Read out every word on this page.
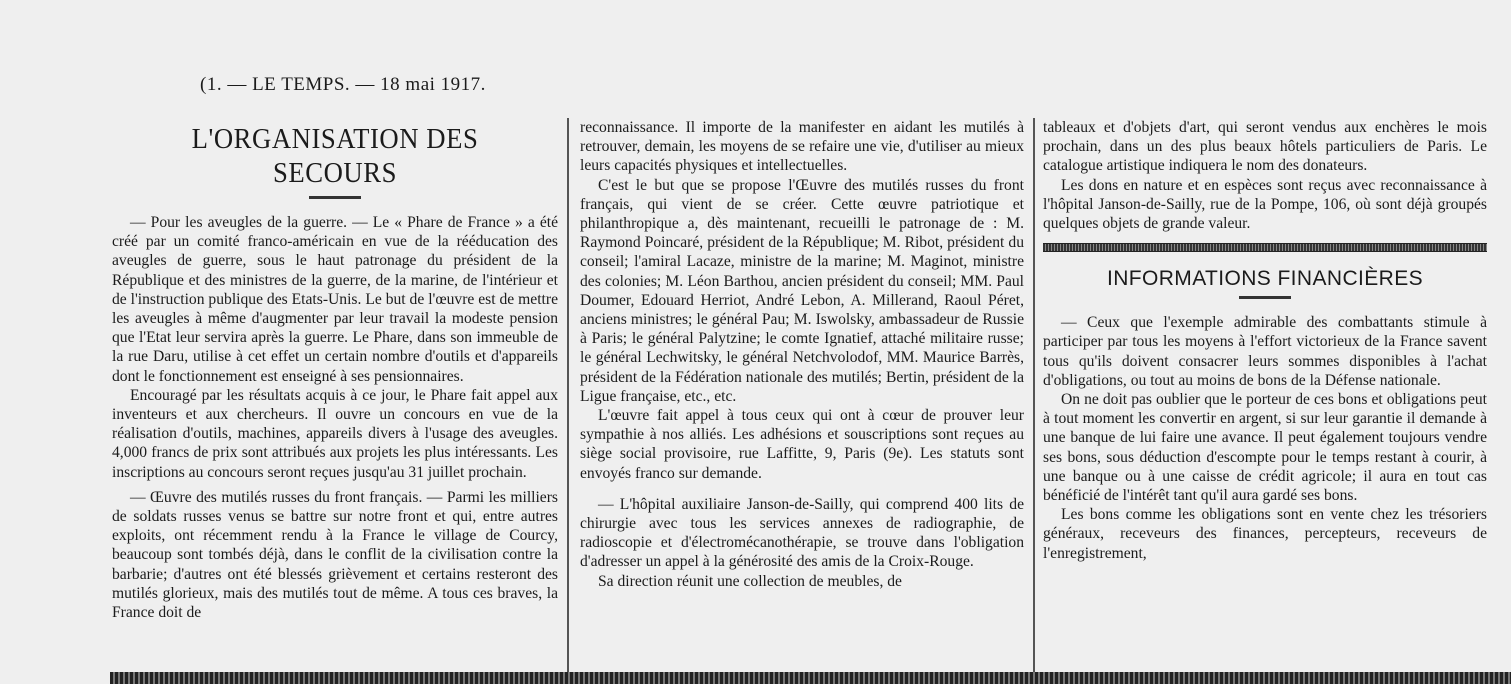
(1. — LE TEMPS. — 18 mai 1917.
L'ORGANISATION DES SECOURS

— Pour les aveugles de la guerre. — Le « Phare de France » a été créé par un comité franco-américain en vue de la rééducation des aveugles de guerre, sous le haut patronage du président de la République et des ministres de la guerre, de la marine, de l'intérieur et de l'instruction publique des Etats-Unis. Le but de l'œuvre est de mettre les aveugles à même d'augmenter par leur travail la modeste pension que l'Etat leur servira après la guerre. Le Phare, dans son immeuble de la rue Daru, utilise à cet effet un certain nombre d'outils et d'appareils dont le fonctionnement est enseigné à ses pensionnaires.

Encouragé par les résultats acquis à ce jour, le Phare fait appel aux inventeurs et aux chercheurs. Il ouvre un concours en vue de la réalisation d'outils, machines, appareils divers à l'usage des aveugles. 4,000 francs de prix sont attribués aux projets les plus intéressants. Les inscriptions au concours seront reçues jusqu'au 31 juillet prochain.

— Œuvre des mutilés russes du front français. — Parmi les milliers de soldats russes venus se battre sur notre front et qui, entre autres exploits, ont récemment rendu à la France le village de Courcy, beaucoup sont tombés déjà, dans le conflit de la civilisation contre la barbarie; d'autres ont été blessés grièvement et certains resteront des mutilés glorieux, mais des mutilés tout de même. A tous ces braves, la France doit de

reconnaissance. Il importe de la manifester en aidant les mutilés à retrouver, demain, les moyens de se refaire une vie, d'utiliser au mieux leurs capacités physiques et intellectuelles.

C'est le but que se propose l'Œuvre des mutilés russes du front français, qui vient de se créer. Cette œuvre patriotique et philanthropique a, dès maintenant, recueilli le patronage de : M. Raymond Poincaré, président de la République; M. Ribot, président du conseil; l'amiral Lacaze, ministre de la marine; M. Maginot, ministre des colonies; M. Léon Barthou, ancien président du conseil; MM. Paul Doumer, Edouard Herriot, André Lebon, A. Millerand, Raoul Péret, anciens ministres; le général Pau; M. Iswolsky, ambassadeur de Russie à Paris; le général Palytzine; le comte Ignatief, attaché militaire russe; le général Lechwitsky, le général Netchvolodof, MM. Maurice Barrès, président de la Fédération nationale des mutilés; Bertin, président de la Ligue française, etc., etc.

L'œuvre fait appel à tous ceux qui ont à cœur de prouver leur sympathie à nos alliés. Les adhésions et souscriptions sont reçues au siège social provisoire, rue Laffitte, 9, Paris (9e). Les statuts sont envoyés franco sur demande.

— L'hôpital auxiliaire Janson-de-Sailly, qui comprend 400 lits de chirurgie avec tous les services annexes de radiographie, de radioscopie et d'électromécanothérapie, se trouve dans l'obligation d'adresser un appel à la générosité des amis de la Croix-Rouge.

Sa direction réunit une collection de meubles, de

tableaux et d'objets d'art, qui seront vendus aux enchères le mois prochain, dans un des plus beaux hôtels particuliers de Paris. Le catalogue artistique indiquera le nom des donateurs.

Les dons en nature et en espèces sont reçus avec reconnaissance à l'hôpital Janson-de-Sailly, rue de la Pompe, 106, où sont déjà groupés quelques objets de grande valeur.

INFORMATIONS FINANCIÈRES

— Ceux que l'exemple admirable des combattants stimule à participer par tous les moyens à l'effort victorieux de la France savent tous qu'ils doivent consacrer leurs sommes disponibles à l'achat d'obligations, ou tout au moins de bons de la Défense nationale.

On ne doit pas oublier que le porteur de ces bons et obligations peut à tout moment les convertir en argent, si sur leur garantie il demande à une banque de lui faire une avance. Il peut également toujours vendre ses bons, sous déduction d'escompte pour le temps restant à courir, à une banque ou à une caisse de crédit agricole; il aura en tout cas bénéficié de l'intérêt tant qu'il aura gardé ses bons.

Les bons comme les obligations sont en vente chez les trésoriers généraux, receveurs des finances, percepteurs, receveurs de l'enregistrement,
